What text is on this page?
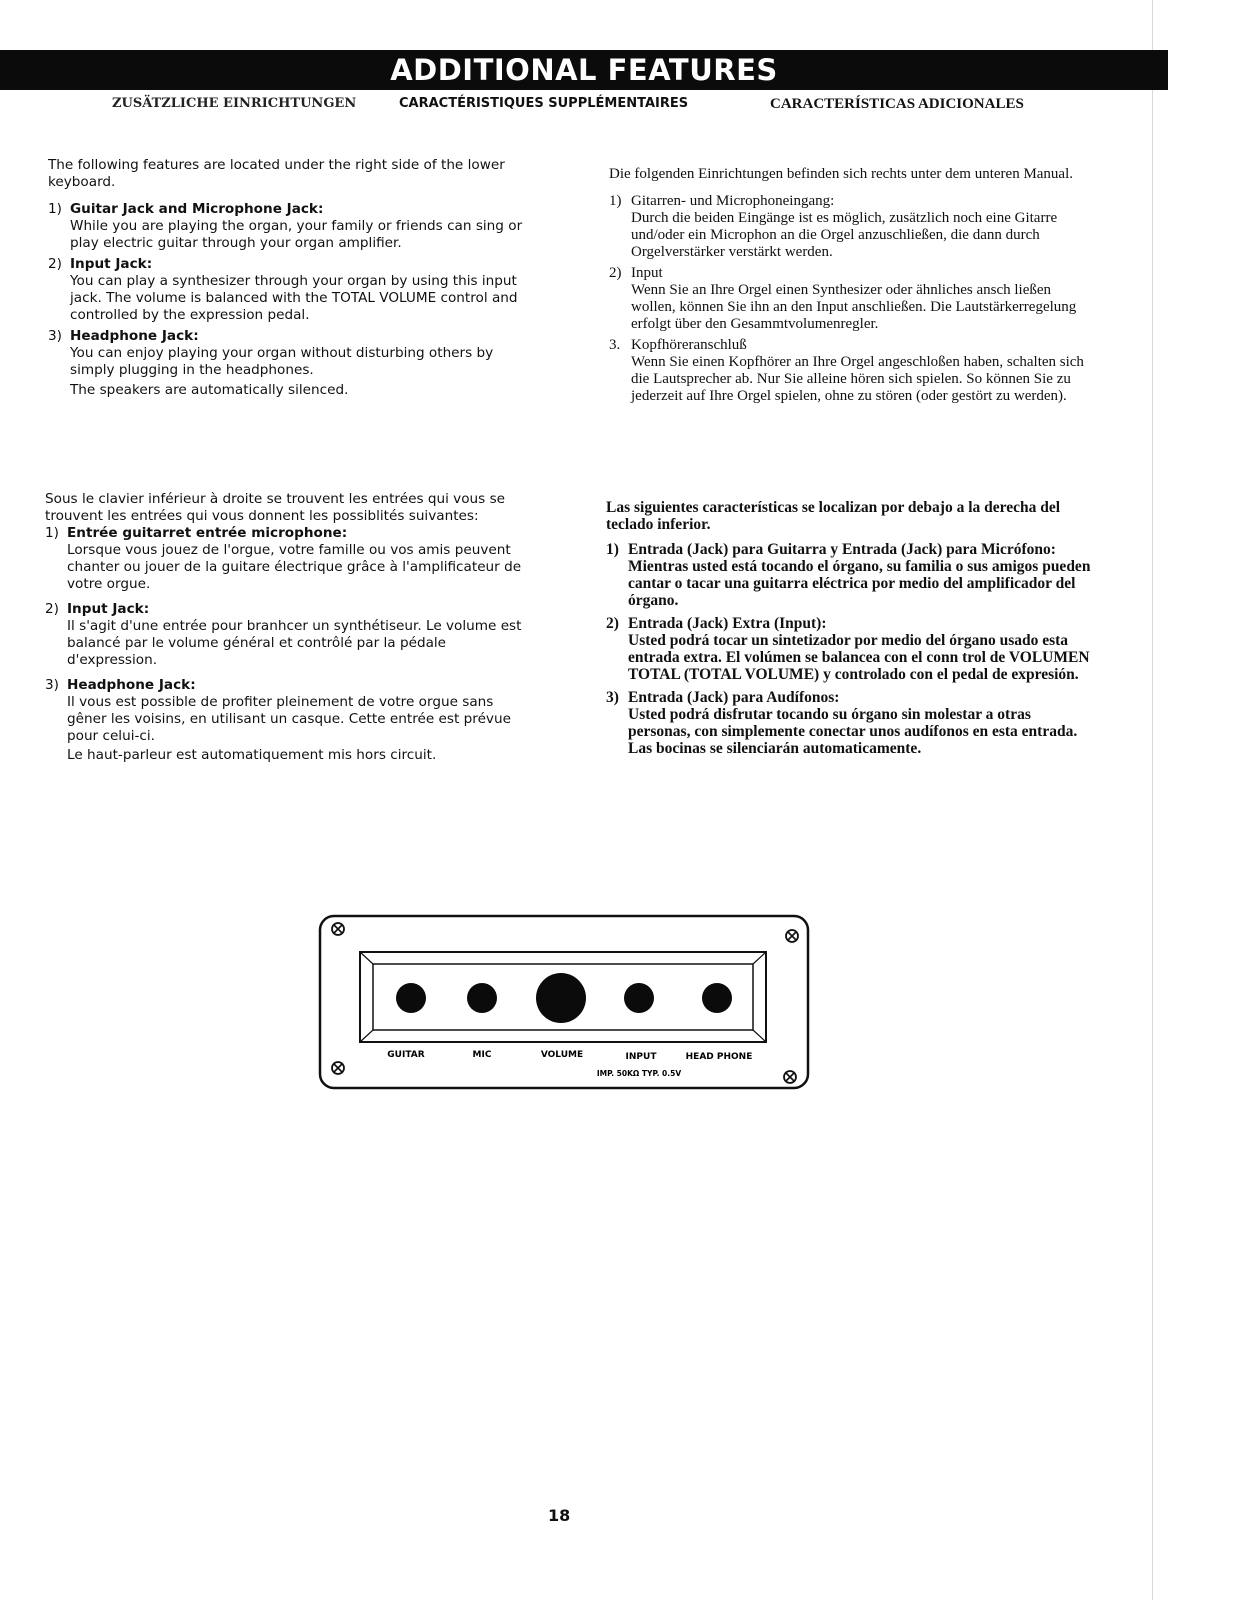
ADDITIONAL FEATURES
ZUSÄTZLICHE EINRICHTUNGEN	CARACTÉRISTIQUES SUPPLÉMENTAIRES	CARACTERÍSTICAS ADICIONALES

The following features are located under the right side of the lower keyboard.

1) Guitar Jack and Microphone Jack:

While you are playing the organ, your family or friends can sing or play electric guitar through your organ amplifier.

2) Input Jack:

You can play a synthesizer through your organ by using this input jack. The volume is balanced with the TOTAL VOLUME control and controlled by the expression pedal.

3) Headphone Jack:

You can enjoy playing your organ without disturbing others by simply plugging in the headphones.

The speakers are automatically silenced.

Die folgenden Einrichtungen befinden sich rechts unter dem unteren Manual.

1) Gitarren- und Microphoneingang:

Durch die beiden Eingänge ist es möglich, zusätzlich noch eine Gitarre und/oder ein Microphon an die Orgel anzuschließen, die dann durch Orgelverstärker verstärkt werden.

2) Input

Wenn Sie an Ihre Orgel einen Synthesizer oder ähnliches ansch ließen wollen, können Sie ihn an den Input anschließen. Die Lautstärkerregelung erfolgt über den Gesammtvolumenregler.

3. Kopfhöreranschluß

Wenn Sie einen Kopfhörer an Ihre Orgel angeschloßen haben, schalten sich die Lautsprecher ab. Nur Sie alleine hören sich spielen. So können Sie zu jederzeit auf Ihre Orgel spielen, ohne zu stören (oder gestört zu werden).

Sous le clavier inférieur à droite se trouvent les entrées qui vous se trouvent les entrées qui vous donnent les possiblités suivantes:

1) Entrée guitarret entrée microphone:

Lorsque vous jouez de l'orgue, votre famille ou vos amis peuvent chanter ou jouer de la guitare électrique grâce à l'amplificateur de votre orgue.

2) Input Jack:

Il s'agit d'une entrée pour branhcer un synthétiseur. Le volume est balancé par le volume général et contrôlé par la pédale d'expression.

3) Headphone Jack:

Il vous est possible de profiter pleinement de votre orgue sans gêner les voisins, en utilisant un casque. Cette entrée est prévue pour celui-ci.

Le haut-parleur est automatiquement mis hors circuit.

Las siguientes características se localizan por debajo a la derecha del teclado inferior.

1) Entrada (Jack) para Guitarra y Entrada (Jack) para Micrófono:

Mientras usted está tocando el órgano, su familia o sus amigos pueden cantar o tacar una guitarra eléctrica por medio del amplificador del órgano.

2) Entrada (Jack) Extra (Input):

Usted podrá tocar un sintetizador por medio del órgano usado esta entrada extra. El volúmen se balancea con el conn trol de VOLUMEN TOTAL (TOTAL VOLUME) y controlado con el pedal de expresión.

3) Entrada (Jack) para Audífonos:

Usted podrá disfrutar tocando su órgano sin molestar a otras personas, con simplemente conectar unos audífonos en esta entrada. Las bocinas se silenciarán automaticamente.

GUITAR	MIC	VOLUME	INPUT	HEAD PHONE
IMP. 50KΩ TYP. 0.5V
18
